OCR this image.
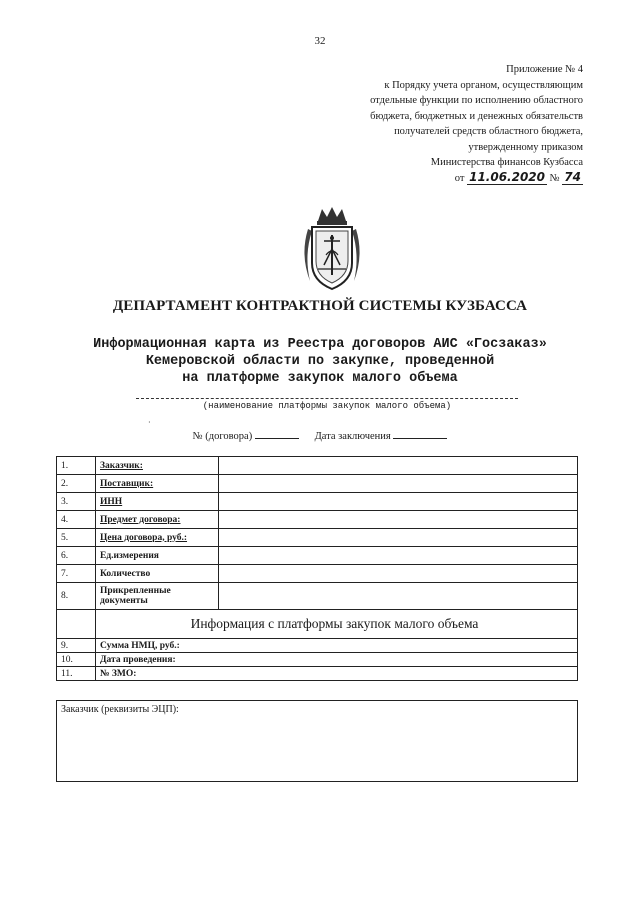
32
Приложение № 4
к Порядку учета органом, осуществляющим
отдельные функции по исполнению областного
бюджета, бюджетных и денежных обязательств
получателей средств областного бюджета,
утвержденному приказом
Министерства финансов Кузбасса
от 11.06.2020 № 74
ДЕПАРТАМЕНТ КОНТРАКТНОЙ СИСТЕМЫ КУЗБАССА
Информационная карта из Реестра договоров АИС «Госзаказ»
Кемеровской области по закупке, проведенной
на платформе закупок малого объема
(наименование платформы закупок малого объема)
·
№ (договора)	Дата заключения
1.	Заказчик:	
2.	Поставщик:	
3.	ИНН	
4.	Предмет договора:	
5.	Цена договора, руб.:	
6.	Ед.измерения	
7.	Количество	
8.	Прикрепленные документы	
	Информация с платформы закупок малого объема	
9.	Сумма НМЦ, руб.:	
10.	Дата проведения:	
11.	№ ЗМО:	
Заказчик (реквизиты ЭЦП):
